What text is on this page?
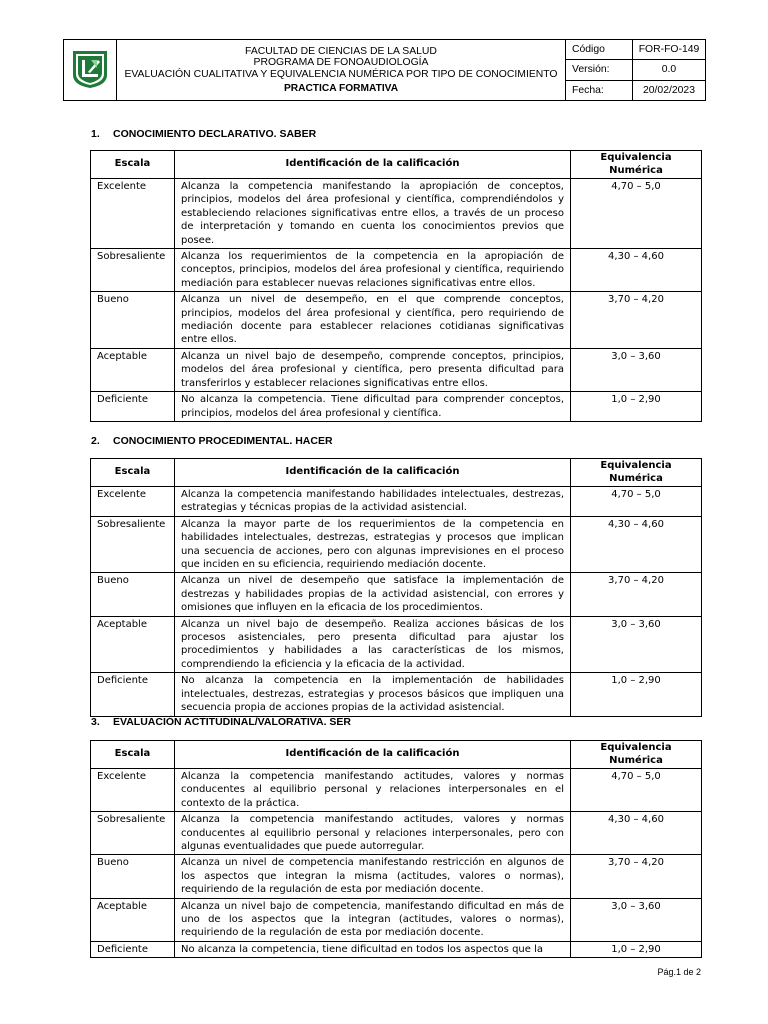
FACULTAD DE CIENCIAS DE LA SALUD
PROGRAMA DE FONOAUDIOLOGÍA
EVALUACIÓN CUALITATIVA Y EQUIVALENCIA NUMÉRICA POR TIPO DE CONOCIMIENTO
PRACTICA FORMATIVA	Código	FOR-FO-149
		Versión:	0.0
		Fecha:	20/02/2023
1. CONOCIMIENTO DECLARATIVO. SABER
Escala	Identificación de la calificación	Equivalencia Numérica
Excelente	Alcanza la competencia manifestando la apropiación de conceptos, principios, modelos del área profesional y científica, comprendiéndolos y estableciendo relaciones significativas entre ellos, a través de un proceso de interpretación y tomando en cuenta los conocimientos previos que posee.	4,70 – 5,0
Sobresaliente	Alcanza los requerimientos de la competencia en la apropiación de conceptos, principios, modelos del área profesional y científica, requiriendo mediación para establecer nuevas relaciones significativas entre ellos.	4,30 – 4,60
Bueno	Alcanza un nivel de desempeño, en el que comprende conceptos, principios, modelos del área profesional y científica, pero requiriendo de mediación docente para establecer relaciones cotidianas significativas entre ellos.	3,70 – 4,20
Aceptable	Alcanza un nivel bajo de desempeño, comprende conceptos, principios, modelos del área profesional y científica, pero presenta dificultad para transferirlos y establecer relaciones significativas entre ellos.	3,0 – 3,60
Deficiente	No alcanza la competencia. Tiene dificultad para comprender conceptos, principios, modelos del área profesional y científica.	1,0 – 2,90
2. CONOCIMIENTO PROCEDIMENTAL. HACER
Escala	Identificación de la calificación	Equivalencia Numérica
Excelente	Alcanza la competencia manifestando habilidades intelectuales, destrezas, estrategias y técnicas propias de la actividad asistencial.	4,70 – 5,0
Sobresaliente	Alcanza la mayor parte de los requerimientos de la competencia en habilidades intelectuales, destrezas, estrategias y procesos que implican una secuencia de acciones, pero con algunas imprevisiones en el proceso que inciden en su eficiencia, requiriendo mediación docente.	4,30 – 4,60
Bueno	Alcanza un nivel de desempeño que satisface la implementación de destrezas y habilidades propias de la actividad asistencial, con errores y omisiones que influyen en la eficacia de los procedimientos.	3,70 – 4,20
Aceptable	Alcanza un nivel bajo de desempeño. Realiza acciones básicas de los procesos asistenciales, pero presenta dificultad para ajustar los procedimientos y habilidades a las características de los mismos, comprendiendo la eficiencia y la eficacia de la actividad.	3,0 – 3,60
Deficiente	No alcanza la competencia en la implementación de habilidades intelectuales, destrezas, estrategias y procesos básicos que impliquen una secuencia propia de acciones propias de la actividad asistencial.	1,0 – 2,90
3. EVALUACIÓN ACTITUDINAL/VALORATIVA. SER
Escala	Identificación de la calificación	Equivalencia Numérica
Excelente	Alcanza la competencia manifestando actitudes, valores y normas conducentes al equilibrio personal y relaciones interpersonales en el contexto de la práctica.	4,70 – 5,0
Sobresaliente	Alcanza la competencia manifestando actitudes, valores y normas conducentes al equilibrio personal y relaciones interpersonales, pero con algunas eventualidades que puede autorregular.	4,30 – 4,60
Bueno	Alcanza un nivel de competencia manifestando restricción en algunos de los aspectos que integran la misma (actitudes, valores o normas), requiriendo de la regulación de esta por mediación docente.	3,70 – 4,20
Aceptable	Alcanza un nivel bajo de competencia, manifestando dificultad en más de uno de los aspectos que la integran (actitudes, valores o normas), requiriendo de la regulación de esta por mediación docente.	3,0 – 3,60
Deficiente	No alcanza la competencia, tiene dificultad en todos los aspectos que la	1,0 – 2,90
Pág.1 de 2
